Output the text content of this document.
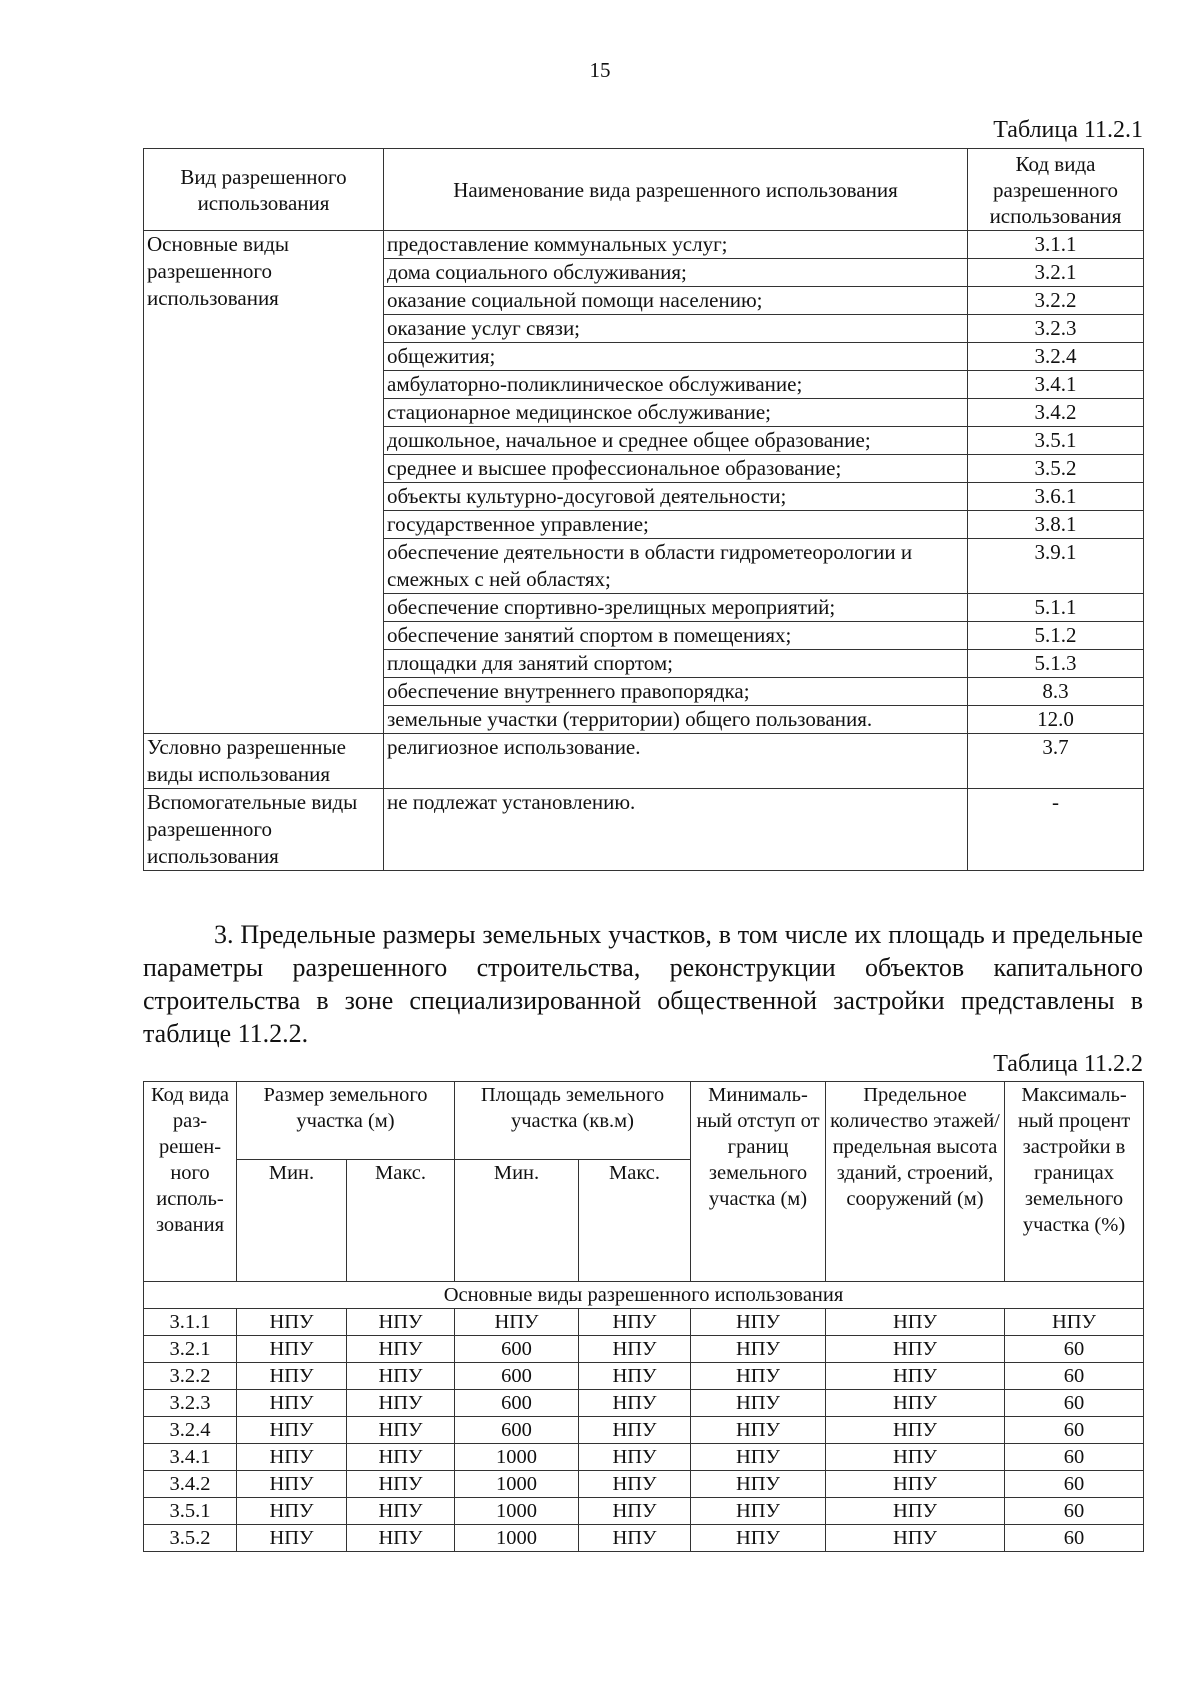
15
Таблица 11.2.1
Вид разрешенного использования	Наименование вида разрешенного использования	Код вида разрешенного использования
Основные виды разрешенного использования	предоставление коммунальных услуг;	3.1.1
	дома социального обслуживания;	3.2.1
	оказание социальной помощи населению;	3.2.2
	оказание услуг связи;	3.2.3
	общежития;	3.2.4
	амбулаторно-поликлиническое обслуживание;	3.4.1
	стационарное медицинское обслуживание;	3.4.2
	дошкольное, начальное и среднее общее образование;	3.5.1
	среднее и высшее профессиональное образование;	3.5.2
	объекты культурно-досуговой деятельности;	3.6.1
	государственное управление;	3.8.1
	обеспечение деятельности в области гидрометеорологии и смежных с ней областях;	3.9.1
	обеспечение спортивно-зрелищных мероприятий;	5.1.1
	обеспечение занятий спортом в помещениях;	5.1.2
	площадки для занятий спортом;	5.1.3
	обеспечение внутреннего правопорядка;	8.3
	земельные участки (территории) общего пользования.	12.0
Условно разрешенные виды использования	религиозное использование.	3.7
Вспомогательные виды разрешенного использования	не подлежат установлению.	-
3. Предельные размеры земельных участков, в том числе их площадь и предельные параметры разрешенного строительства, реконструкции объектов капитального строительства в зоне специализированной общественной застройки представлены в таблице 11.2.2.
Таблица 11.2.2
Код вида раз-решен-ного исполь-зования	Размер земельного участка (м)		Площадь земельного участка (кв.м)		Минималь-ный отступ от границ земельного участка (м)	Предельное количество этажей/ предельная высота зданий, строений, сооружений (м)	Максималь-ный процент застройки в границах земельного участка (%)
	Мин.	Макс.	Мин.	Макс.			
Основные виды разрешенного использования							
3.1.1	НПУ	НПУ	НПУ	НПУ	НПУ	НПУ	НПУ
3.2.1	НПУ	НПУ	600	НПУ	НПУ	НПУ	60
3.2.2	НПУ	НПУ	600	НПУ	НПУ	НПУ	60
3.2.3	НПУ	НПУ	600	НПУ	НПУ	НПУ	60
3.2.4	НПУ	НПУ	600	НПУ	НПУ	НПУ	60
3.4.1	НПУ	НПУ	1000	НПУ	НПУ	НПУ	60
3.4.2	НПУ	НПУ	1000	НПУ	НПУ	НПУ	60
3.5.1	НПУ	НПУ	1000	НПУ	НПУ	НПУ	60
3.5.2	НПУ	НПУ	1000	НПУ	НПУ	НПУ	60
